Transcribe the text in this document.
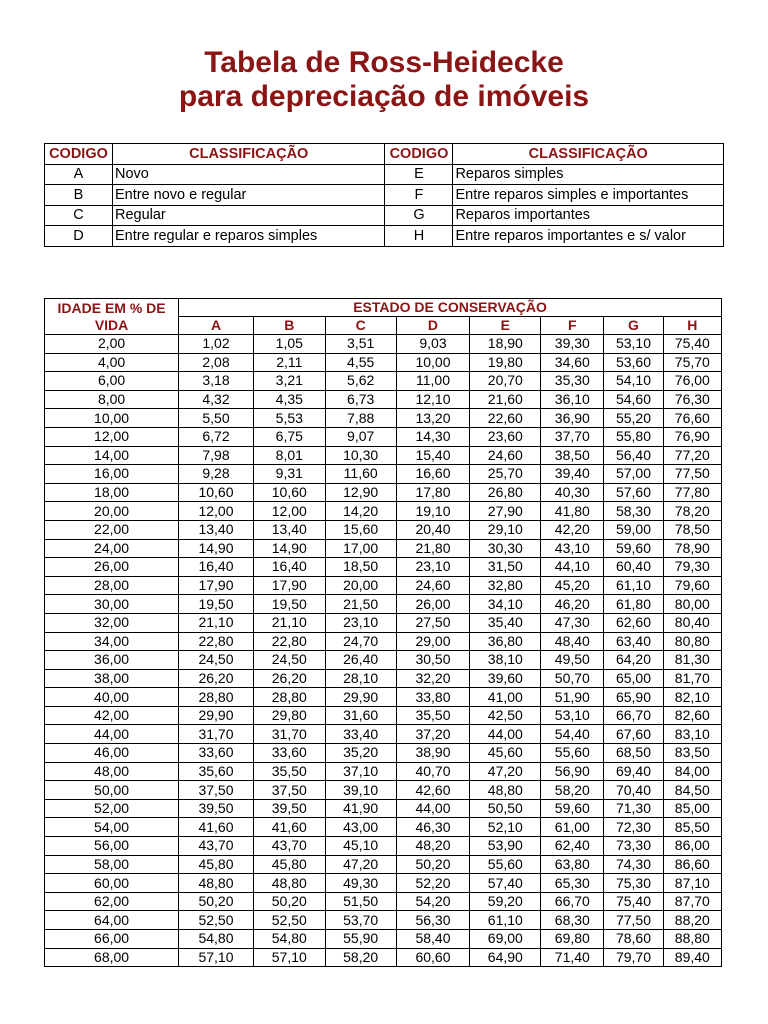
Tabela de Ross-Heidecke
para depreciação de imóveis
CODIGO	CLASSIFICAÇÃO	CODIGO	CLASSIFICAÇÃO
A	Novo	E	Reparos simples
B	Entre novo e regular	F	Entre reparos simples e importantes
C	Regular	G	Reparos importantes
D	Entre regular e reparos simples	H	Entre reparos importantes e s/ valor
IDADE EM % DE VIDA	ESTADO DE CONSERVAÇÃO							
	A	B	C	D	E	F	G	H
2,00	1,02	1,05	3,51	9,03	18,90	39,30	53,10	75,40
4,00	2,08	2,11	4,55	10,00	19,80	34,60	53,60	75,70
6,00	3,18	3,21	5,62	11,00	20,70	35,30	54,10	76,00
8,00	4,32	4,35	6,73	12,10	21,60	36,10	54,60	76,30
10,00	5,50	5,53	7,88	13,20	22,60	36,90	55,20	76,60
12,00	6,72	6,75	9,07	14,30	23,60	37,70	55,80	76,90
14,00	7,98	8,01	10,30	15,40	24,60	38,50	56,40	77,20
16,00	9,28	9,31	11,60	16,60	25,70	39,40	57,00	77,50
18,00	10,60	10,60	12,90	17,80	26,80	40,30	57,60	77,80
20,00	12,00	12,00	14,20	19,10	27,90	41,80	58,30	78,20
22,00	13,40	13,40	15,60	20,40	29,10	42,20	59,00	78,50
24,00	14,90	14,90	17,00	21,80	30,30	43,10	59,60	78,90
26,00	16,40	16,40	18,50	23,10	31,50	44,10	60,40	79,30
28,00	17,90	17,90	20,00	24,60	32,80	45,20	61,10	79,60
30,00	19,50	19,50	21,50	26,00	34,10	46,20	61,80	80,00
32,00	21,10	21,10	23,10	27,50	35,40	47,30	62,60	80,40
34,00	22,80	22,80	24,70	29,00	36,80	48,40	63,40	80,80
36,00	24,50	24,50	26,40	30,50	38,10	49,50	64,20	81,30
38,00	26,20	26,20	28,10	32,20	39,60	50,70	65,00	81,70
40,00	28,80	28,80	29,90	33,80	41,00	51,90	65,90	82,10
42,00	29,90	29,80	31,60	35,50	42,50	53,10	66,70	82,60
44,00	31,70	31,70	33,40	37,20	44,00	54,40	67,60	83,10
46,00	33,60	33,60	35,20	38,90	45,60	55,60	68,50	83,50
48,00	35,60	35,50	37,10	40,70	47,20	56,90	69,40	84,00
50,00	37,50	37,50	39,10	42,60	48,80	58,20	70,40	84,50
52,00	39,50	39,50	41,90	44,00	50,50	59,60	71,30	85,00
54,00	41,60	41,60	43,00	46,30	52,10	61,00	72,30	85,50
56,00	43,70	43,70	45,10	48,20	53,90	62,40	73,30	86,00
58,00	45,80	45,80	47,20	50,20	55,60	63,80	74,30	86,60
60,00	48,80	48,80	49,30	52,20	57,40	65,30	75,30	87,10
62,00	50,20	50,20	51,50	54,20	59,20	66,70	75,40	87,70
64,00	52,50	52,50	53,70	56,30	61,10	68,30	77,50	88,20
66,00	54,80	54,80	55,90	58,40	69,00	69,80	78,60	88,80
68,00	57,10	57,10	58,20	60,60	64,90	71,40	79,70	89,40
